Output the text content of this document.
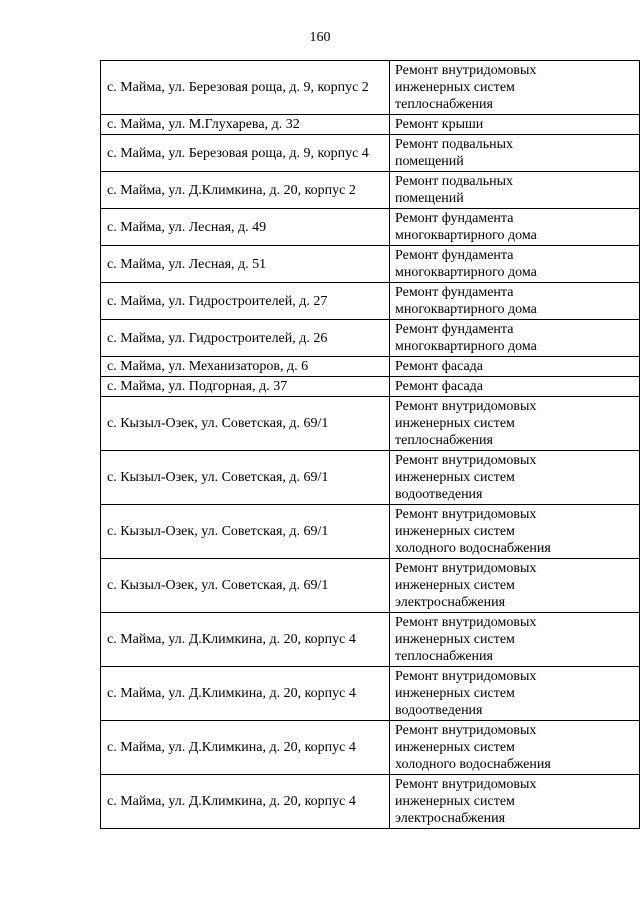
160
с. Майма, ул. Березовая роща, д. 9, корпус 2	Ремонт внутридомовых
инженерных систем
теплоснабжения
с. Майма, ул. М.Глухарева, д. 32	Ремонт крыши
с. Майма, ул. Березовая роща, д. 9, корпус 4	Ремонт подвальных
помещений
с. Майма, ул. Д.Климкина, д. 20, корпус 2	Ремонт подвальных
помещений
с. Майма, ул. Лесная, д. 49	Ремонт фундамента
многоквартирного дома
с. Майма, ул. Лесная, д. 51	Ремонт фундамента
многоквартирного дома
с. Майма, ул. Гидростроителей, д. 27	Ремонт фундамента
многоквартирного дома
с. Майма, ул. Гидростроителей, д. 26	Ремонт фундамента
многоквартирного дома
с. Майма, ул. Механизаторов, д. 6	Ремонт фасада
с. Майма, ул. Подгорная, д. 37	Ремонт фасада
с. Кызыл-Озек, ул. Советская, д. 69/1	Ремонт внутридомовых
инженерных систем
теплоснабжения
с. Кызыл-Озек, ул. Советская, д. 69/1	Ремонт внутридомовых
инженерных систем
водоотведения
с. Кызыл-Озек, ул. Советская, д. 69/1	Ремонт внутридомовых
инженерных систем
холодного водоснабжения
с. Кызыл-Озек, ул. Советская, д. 69/1	Ремонт внутридомовых
инженерных систем
электроснабжения
с. Майма, ул. Д.Климкина, д. 20, корпус 4	Ремонт внутридомовых
инженерных систем
теплоснабжения
с. Майма, ул. Д.Климкина, д. 20, корпус 4	Ремонт внутридомовых
инженерных систем
водоотведения
с. Майма, ул. Д.Климкина, д. 20, корпус 4	Ремонт внутридомовых
инженерных систем
холодного водоснабжения
с. Майма, ул. Д.Климкина, д. 20, корпус 4	Ремонт внутридомовых
инженерных систем
электроснабжения
